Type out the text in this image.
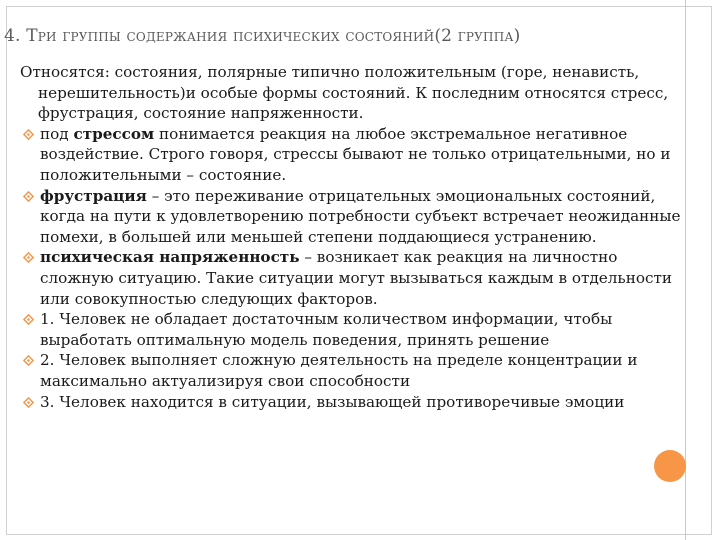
4. Три группы содержания психических состояний(2 группа)

Относятся: состояния, полярные типично положительным (горе, ненависть, нерешительность)и особые формы состояний. К последним относятся стресс, фрустрация, состояние напряженности.

под стрессом понимается реакция на любое экстремальное негативное воздействие. Строго говоря, стрессы бывают не только отрицательными, но и положительными – состояние.
фрустрация – это переживание отрицательных эмоциональных состояний, когда на пути к удовлетворению потребности субъект встречает неожиданные помехи, в большей или меньшей степени поддающиеся устранению.
психическая напряженность – возникает как реакция на личностно сложную ситуацию. Такие ситуации могут вызываться каждым в отдельности или совокупностью следующих факторов.
1. Человек не обладает достаточным количеством информации, чтобы выработать оптимальную модель поведения, принять решение
2. Человек выполняет сложную деятельность на пределе концентрации и максимально актуализируя свои способности
3. Человек находится в ситуации, вызывающей противоречивые эмоции
